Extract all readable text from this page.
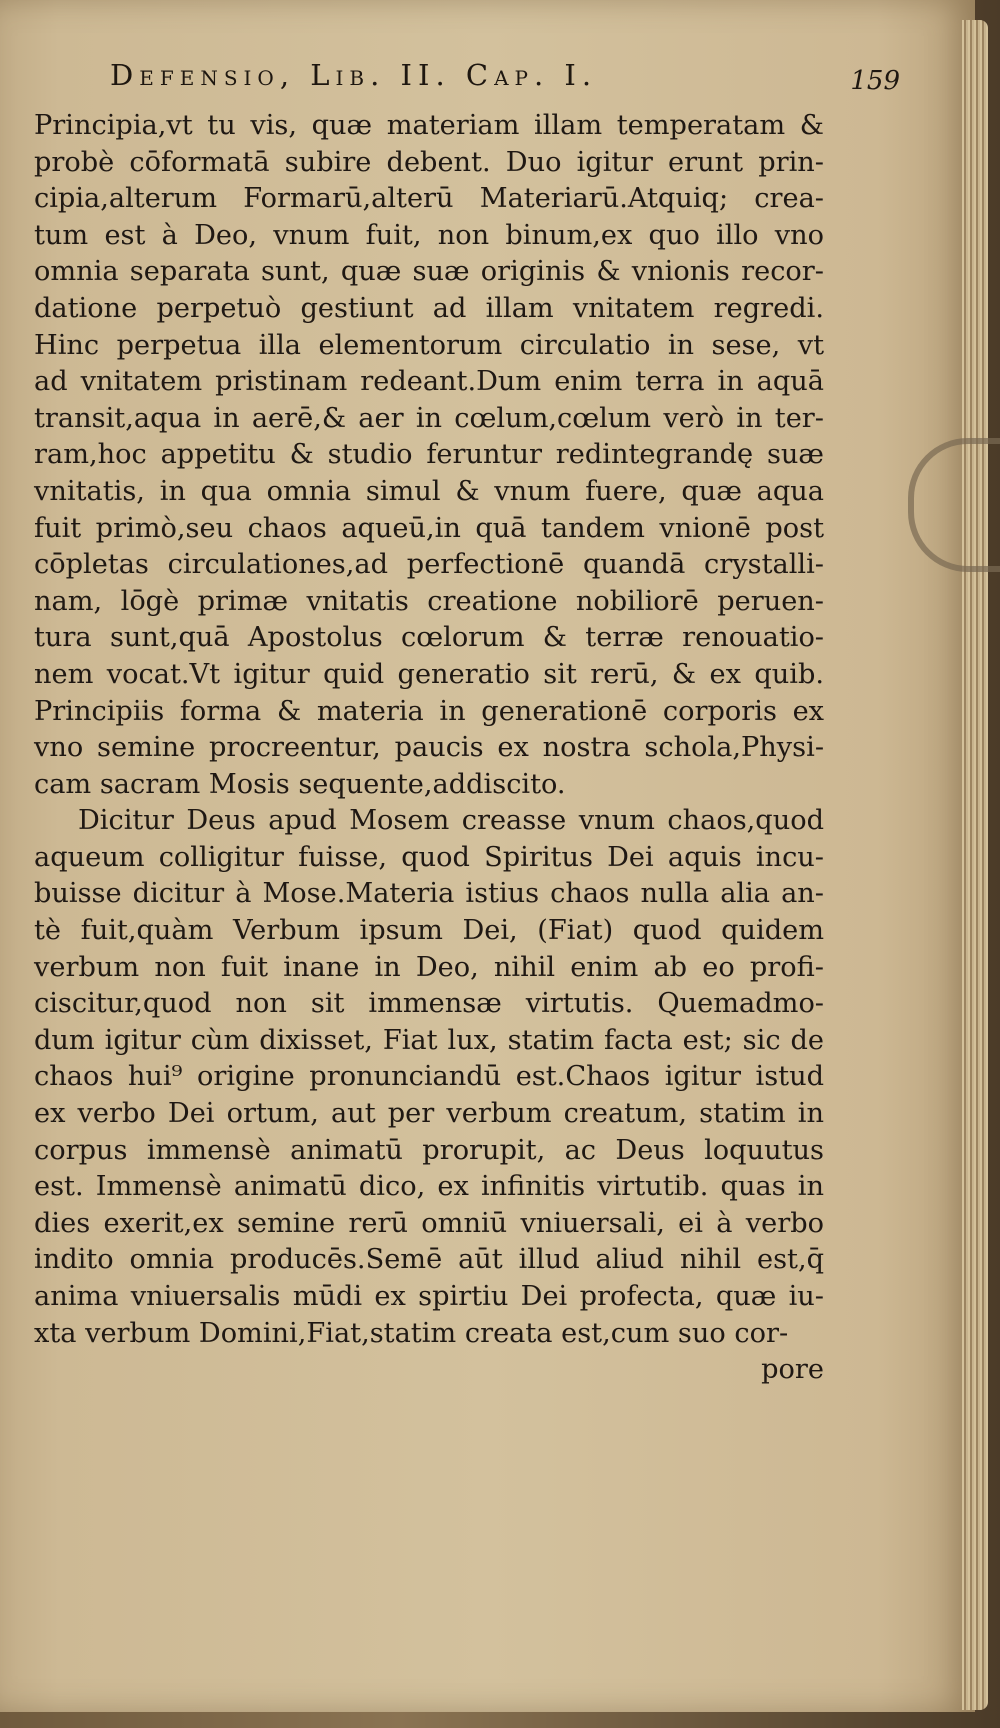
Defensio, Lib. II. Cap. I.	159
Principia,vt tu vis, quæ materiam illam temperatam &
probè cōformatā subire debent. Duo igitur erunt prin-
cipia,alterum Formarū,alterū Materiarū.Atquiq; crea-
tum est à Deo, vnum fuit, non binum,ex quo illo vno
omnia separata sunt, quæ suæ originis & vnionis recor-
datione perpetuò gestiunt ad illam vnitatem regredi.
Hinc perpetua illa elementorum circulatio in sese, vt
ad vnitatem pristinam redeant.Dum enim terra in aquā
transit,aqua in aerē,& aer in cœlum,cœlum verò in ter-
ram,hoc appetitu & studio feruntur redintegrandę suæ
vnitatis, in qua omnia simul & vnum fuere, quæ aqua
fuit primò,seu chaos aqueū,in quā tandem vnionē post
cōpletas circulationes,ad perfectionē quandā crystalli-
nam, lōgè primæ vnitatis creatione nobiliorē peruen-
tura sunt,quā Apostolus cœlorum & terræ renouatio-
nem vocat.Vt igitur quid generatio sit rerū, & ex quib.
Principiis forma & materia in generationē corporis ex
vno semine procreentur, paucis ex nostra schola,Physi-
cam sacram Mosis sequente,addiscito.
Dicitur Deus apud Mosem creasse vnum chaos,quod
aqueum colligitur fuisse, quod Spiritus Dei aquis incu-
buisse dicitur à Mose.Materia istius chaos nulla alia an-
tè fuit,quàm Verbum ipsum Dei, (Fiat) quod quidem
verbum non fuit inane in Deo, nihil enim ab eo profi-
ciscitur,quod non sit immensæ virtutis. Quemadmo-
dum igitur cùm dixisset, Fiat lux, statim facta est; sic de
chaos hui⁹ origine pronunciandū est.Chaos igitur istud
ex verbo Dei ortum, aut per verbum creatum, statim in
corpus immensè animatū prorupit, ac Deus loquutus
est. Immensè animatū dico, ex infinitis virtutib. quas in
dies exerit,ex semine rerū omniū vniuersali, ei à verbo
indito omnia producēs.Semē aūt illud aliud nihil est,q̄
anima vniuersalis mūdi ex spirtiu Dei profecta, quæ iu-
xta verbum Domini,Fiat,statim creata est,cum suo cor-
pore
